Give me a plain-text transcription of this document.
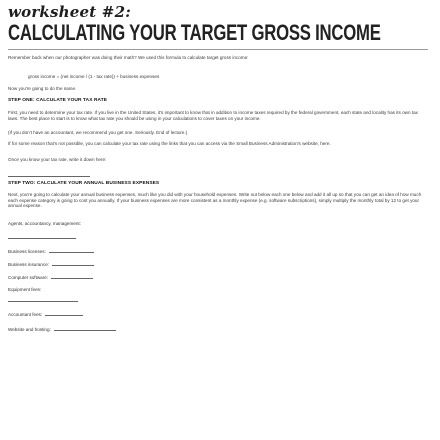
worksheet #2:
CALCULATING YOUR TARGET GROSS INCOME

Remember back when our photographer was doing their math? We used this formula to calculate target gross income:

gross income = (net income / (1 - tax rate)) + business expenses

Now you're going to do the same.

STEP ONE: CALCULATE YOUR TAX RATE

First, you need to determine your tax rate. If you live in the United States, it's important to know that in addition to income taxes required by the federal government, each state and locality has its own tax laws. The best place to start is to know what tax rate you should be using in your calculations to cover taxes on your income.

(If you don't have an accountant, we recommend you get one. Seriously. End of lecture.)

If for some reason that's not possible, you can calculate your tax rate using the links that you can access via the Small Business Administration's website, here.

Once you know your tax rate, write it down here:

STEP TWO: CALCULATE YOUR ANNUAL BUSINESS EXPENSES

Next, you're going to calculate your annual business expenses, much like you did with your household expenses. Write out below each one below and add it all up so that you can get an idea of how much each expense category is going to cost you annually. If your business expenses are more consistent as a monthly expense (e.g. software subscriptions), simply multiply the monthly total by 12 to get your annual expense.

Agents, accountancy, management:
Business licenses:
Business insurance:
Computer software:
Equipment fees:
Accountant fees:
Website and hosting:
